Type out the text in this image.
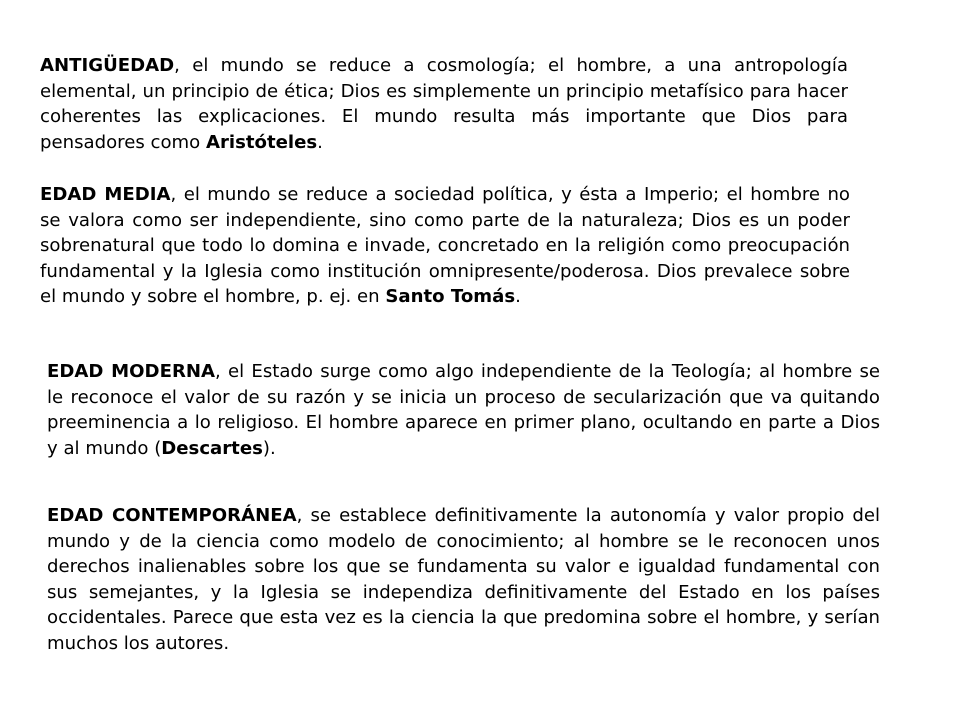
ANTIGÜEDAD, el mundo se reduce a cosmología; el hombre, a una antropología elemental, un principio de ética; Dios es simplemente un principio metafísico para hacer coherentes las explicaciones. El mundo resulta más importante que Dios para pensadores como Aristóteles.

EDAD MEDIA, el mundo se reduce a sociedad política, y ésta a Imperio; el hombre no se valora como ser independiente, sino como parte de la naturaleza; Dios es un poder sobrenatural que todo lo domina e invade, concretado en la religión como preocupación fundamental y la Iglesia como institución omnipresente/poderosa. Dios prevalece sobre el mundo y sobre el hombre, p. ej. en Santo Tomás.

EDAD MODERNA, el Estado surge como algo independiente de la Teología; al hombre se le reconoce el valor de su razón y se inicia un proceso de secularización que va quitando preeminencia a lo religioso. El hombre aparece en primer plano, ocultando en parte a Dios y al mundo (Descartes).

EDAD CONTEMPORÁNEA, se establece definitivamente la autonomía y valor propio del mundo y de la ciencia como modelo de conocimiento; al hombre se le reconocen unos derechos inalienables sobre los que se fundamenta su valor e igualdad fundamental con sus semejantes, y la Iglesia se independiza definitivamente del Estado en los países occidentales. Parece que esta vez es la ciencia la que predomina sobre el hombre, y serían muchos los autores.
